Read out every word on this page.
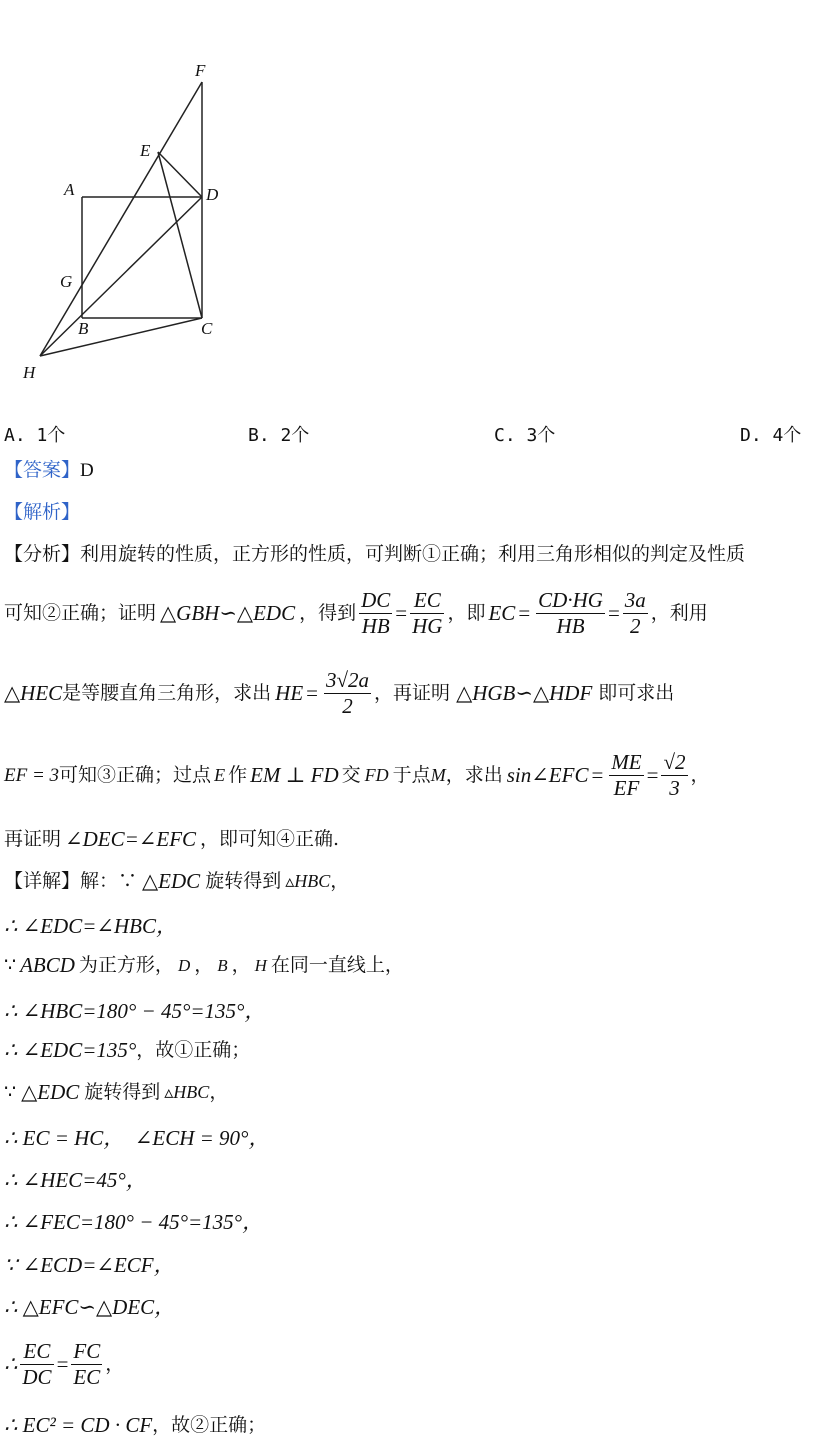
F
E
A	D
G
B	C
H
A. 1个	B. 2个	C. 3个	D. 4个
【答案】D
【解析】
【分析】利用旋转的性质，正方形的性质，可判断①正确；利用三角形相似的判定及性质
可知②正确；证明 △GBH∽△EDC ，得到 $\frac{DC}{HB} = \frac{EC}{HG}$ ，即 EC = $\frac{CD\cdot HG}{HB} = \frac{3a}{2}$ ，利用
△HEC 是等腰直角三角形，求出 HE = $\frac{3√2a}{2}$ ，再证明 △HGB∽△HDF 即可求出
EF = 3 可知③正确；过点 E 作 EM ⊥ FD 交 FD 于点 M ，求出 sin∠EFC = $\frac{ME}{EF} = \frac{√2}{3}$ ，
再证明 ∠DEC=∠EFC ，即可知④正确.
【详解】 解：∵ △EDC 旋转得到 ▵HBC ，
∴ ∠EDC=∠HBC，
∵ ABCD 为正方形， D ， B ， H 在同一直线上，
∴ ∠HBC=180° − 45°=135°，
∴ ∠EDC=135° ，故①正确；
∵ △EDC 旋转得到 ▵HBC ，
∴ EC = HC，  ∠ECH = 90°，
∴ ∠HEC=45°，
∴ ∠FEC=180° − 45°=135°，
∵ ∠ECD=∠ECF，
∴ △EFC∽△DEC，
∴ $\frac{EC}{DC} = \frac{FC}{EC}$ ，
∴ EC² = CD · CF ，故②正确；
